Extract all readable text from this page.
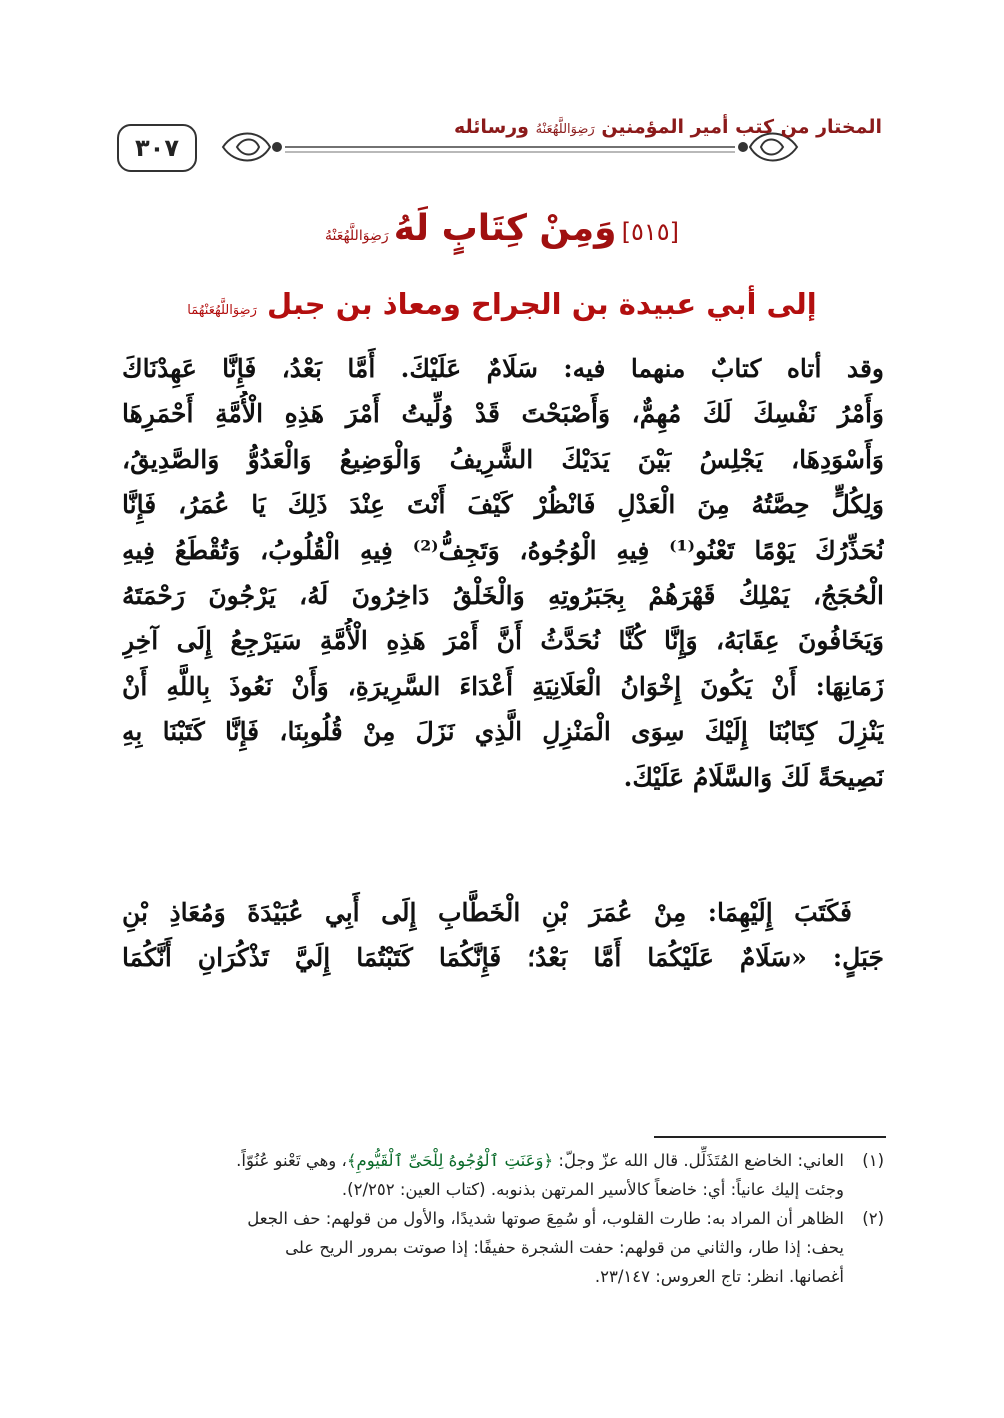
٣٠٧
المختار من كتب أمير المؤمنين رَضِوَاللَّهُعَنْهُ ورسائله
[٥١٥] وَمِنْ كِتَابٍ لَهُ رَضِوَاللَّهُعَنْهُ
إلى أبي عبيدة بن الجراح ومعاذ بن جبل رَضِوَاللَّهُعَنْهُمَا
وقد أتاه كتابٌ منهما فيه: سَلَامٌ عَلَيْكَ. أَمَّا بَعْدُ، فَإِنَّا عَهِدْنَاكَ
وَأَمْرُ نَفْسِكَ لَكَ مُهِمٌّ، وَأَصْبَحْتَ قَدْ وُلِّيتُ أَمْرَ هَذِهِ الْأُمَّةِ أَحْمَرِهَا
وَأَسْوَدِهَا، يَجْلِسُ بَيْنَ يَدَيْكَ الشَّرِيفُ وَالْوَضِيعُ وَالْعَدُوُّ وَالصَّدِيقُ،
وَلِكُلٍّ حِصَّتُهُ مِنَ الْعَدْلِ فَانْظُرْ كَيْفَ أَنْتَ عِنْدَ ذَلِكَ يَا عُمَرُ، فَإِنَّا
نُحَذِّرُكَ يَوْمًا تَعْنُو⁽¹⁾ فِيهِ الْوُجُوهُ، وَتَجِفُّ⁽²⁾ فِيهِ الْقُلُوبُ، وَتُقْطَعُ فِيهِ
الْحُجَجُ، يَمْلِكُ قَهْرَهُمْ بِجَبَرُوتِهِ وَالْخَلْقُ دَاخِرُونَ لَهُ، يَرْجُونَ رَحْمَتَهُ
وَيَخَافُونَ عِقَابَهُ، وَإِنَّا كُنَّا نُحَدَّثُ أَنَّ أَمْرَ هَذِهِ الْأُمَّةِ سَيَرْجِعُ إِلَى آخِرِ
زَمَانِهَا: أَنْ يَكُونَ إِخْوَانُ الْعَلَانِيَةِ أَعْدَاءَ السَّرِيرَةِ، وَأَنْ نَعُوذَ بِاللَّهِ أَنْ
يَنْزِلَ كِتَابُنَا إِلَيْكَ سِوَى الْمَنْزِلِ الَّذِي نَزَلَ مِنْ قُلُوبِنَا، فَإِنَّا كَتَبْنَا بِهِ
نَصِيحَةً لَكَ وَالسَّلَامُ عَلَيْكَ.
فَكَتَبَ إِلَيْهِمَا: مِنْ عُمَرَ بْنِ الْخَطَّابِ إِلَى أَبِي عُبَيْدَةَ وَمُعَاذِ بْنِ
جَبَلٍ: «سَلَامٌ عَلَيْكُمَا أَمَّا بَعْدُ؛ فَإِنَّكُمَا كَتَبْتُمَا إِلَيَّ تَذْكُرَانِ أَنَّكُمَا
(١)العاني: الخاضع المُتَذَلِّل. قال الله عزّ وجلّ: ﴿وَعَنَتِ ٱلْوُجُوهُ لِلْحَىِّ ٱلْقَيُّومِ﴾، وهي تَعْنو عُنُوّاً.
وجئت إليك عانياً: أي: خاضعاً كالأسير المرتهن بذنوبه. (كتاب العين: ٢/٢٥٢).
(٢)الظاهر أن المراد به: طارت القلوب، أو سُمِعَ صوتها شديدًا، والأول من قولهم: حف الجعل
يحف: إذا طار، والثاني من قولهم: حفت الشجرة حفيفًا: إذا صوتت بمرور الريح على
أغصانها. انظر: تاج العروس: ٢٣/١٤٧.
